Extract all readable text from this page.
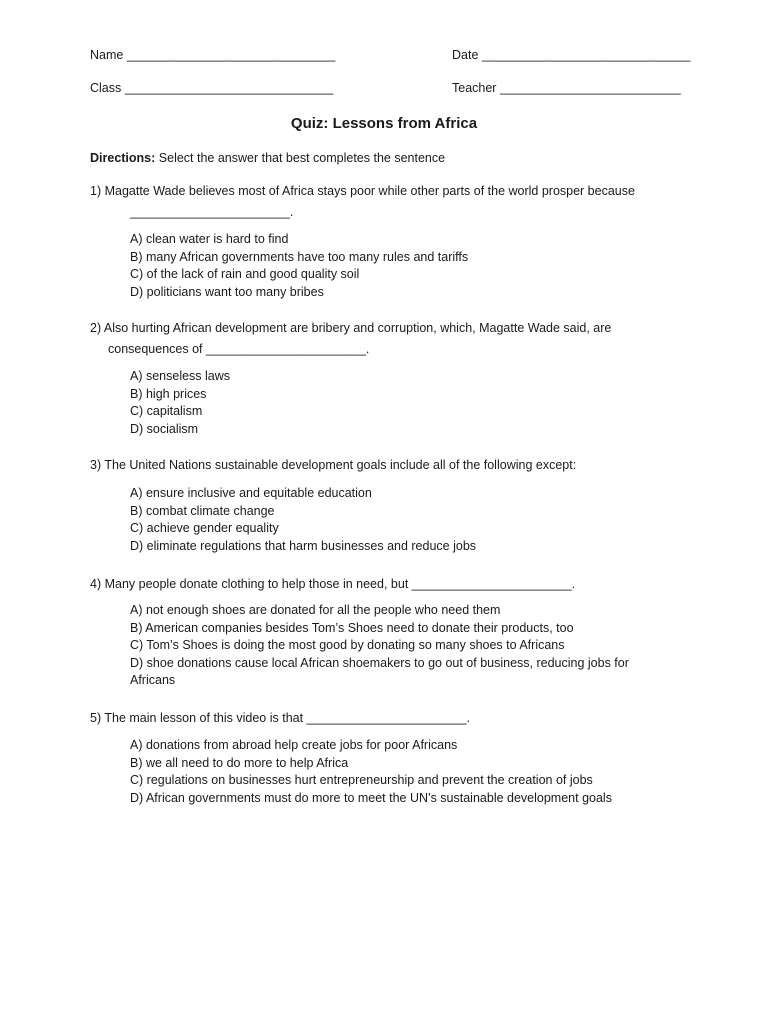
Name ______________________________	Date ______________________________
Class ______________________________	Teacher __________________________
Quiz: Lessons from Africa
Directions: Select the answer that best completes the sentence
1) Magatte Wade believes most of Africa stays poor while other parts of the world prosper because
_______________________.
A) clean water is hard to find
B) many African governments have too many rules and tariffs
C) of the lack of rain and good quality soil
D) politicians want too many bribes
2) Also hurting African development are bribery and corruption, which, Magatte Wade said, are
consequences of _______________________.
A) senseless laws
B) high prices
C) capitalism
D) socialism
3) The United Nations sustainable development goals include all of the following except:
A) ensure inclusive and equitable education
B) combat climate change
C) achieve gender equality
D) eliminate regulations that harm businesses and reduce jobs
4) Many people donate clothing to help those in need, but _______________________.
A) not enough shoes are donated for all the people who need them
B) American companies besides Tom’s Shoes need to donate their products, too
C) Tom’s Shoes is doing the most good by donating so many shoes to Africans
D) shoe donations cause local African shoemakers to go out of business, reducing jobs for Africans
5) The main lesson of this video is that _______________________.
A) donations from abroad help create jobs for poor Africans
B) we all need to do more to help Africa
C) regulations on businesses hurt entrepreneurship and prevent the creation of jobs
D) African governments must do more to meet the UN’s sustainable development goals
